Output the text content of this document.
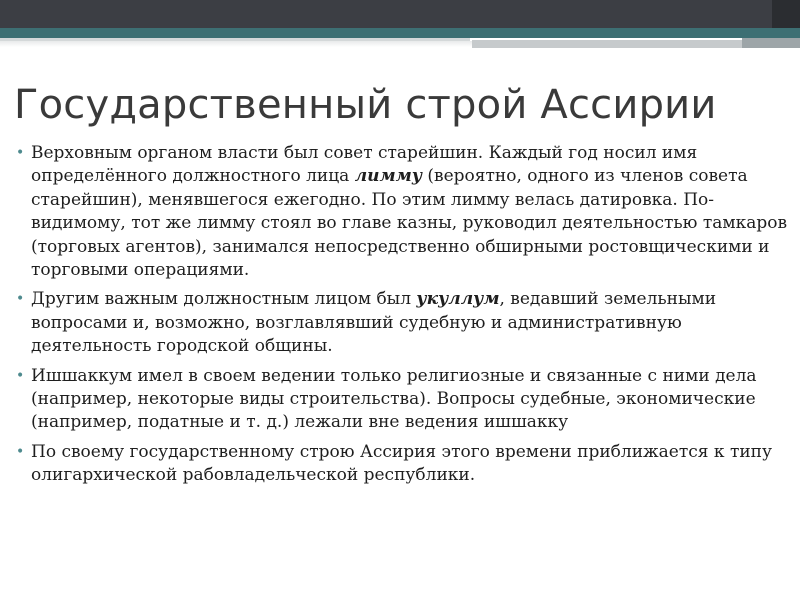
Государственный строй Ассирии
• Верховным органом власти был совет старейшин. Каждый год носил имя определённого должностного лица лимму (вероятно, одного из членов совета старейшин), менявшегося ежегодно. По этим лимму велась датировка. По-видимому, тот же лимму стоял во главе казны, руководил деятельностью тамкаров (торговых агентов), занимался непосредственно обширными ростовщическими и торговыми операциями.
• Другим важным должностным лицом был укуллум, ведавший земельными вопросами и, возможно, возглавлявший судебную и административную деятельность городской общины.
• Ишшаккум имел в своем ведении только религиозные и связанные с ними дела (например, некоторые виды строительства). Вопросы судебные, экономические (например, податные и т. д.) лежали вне ведения ишшакку
• По своему государственному строю Ассирия этого времени приближается к типу олигархической рабовладельческой республики.
